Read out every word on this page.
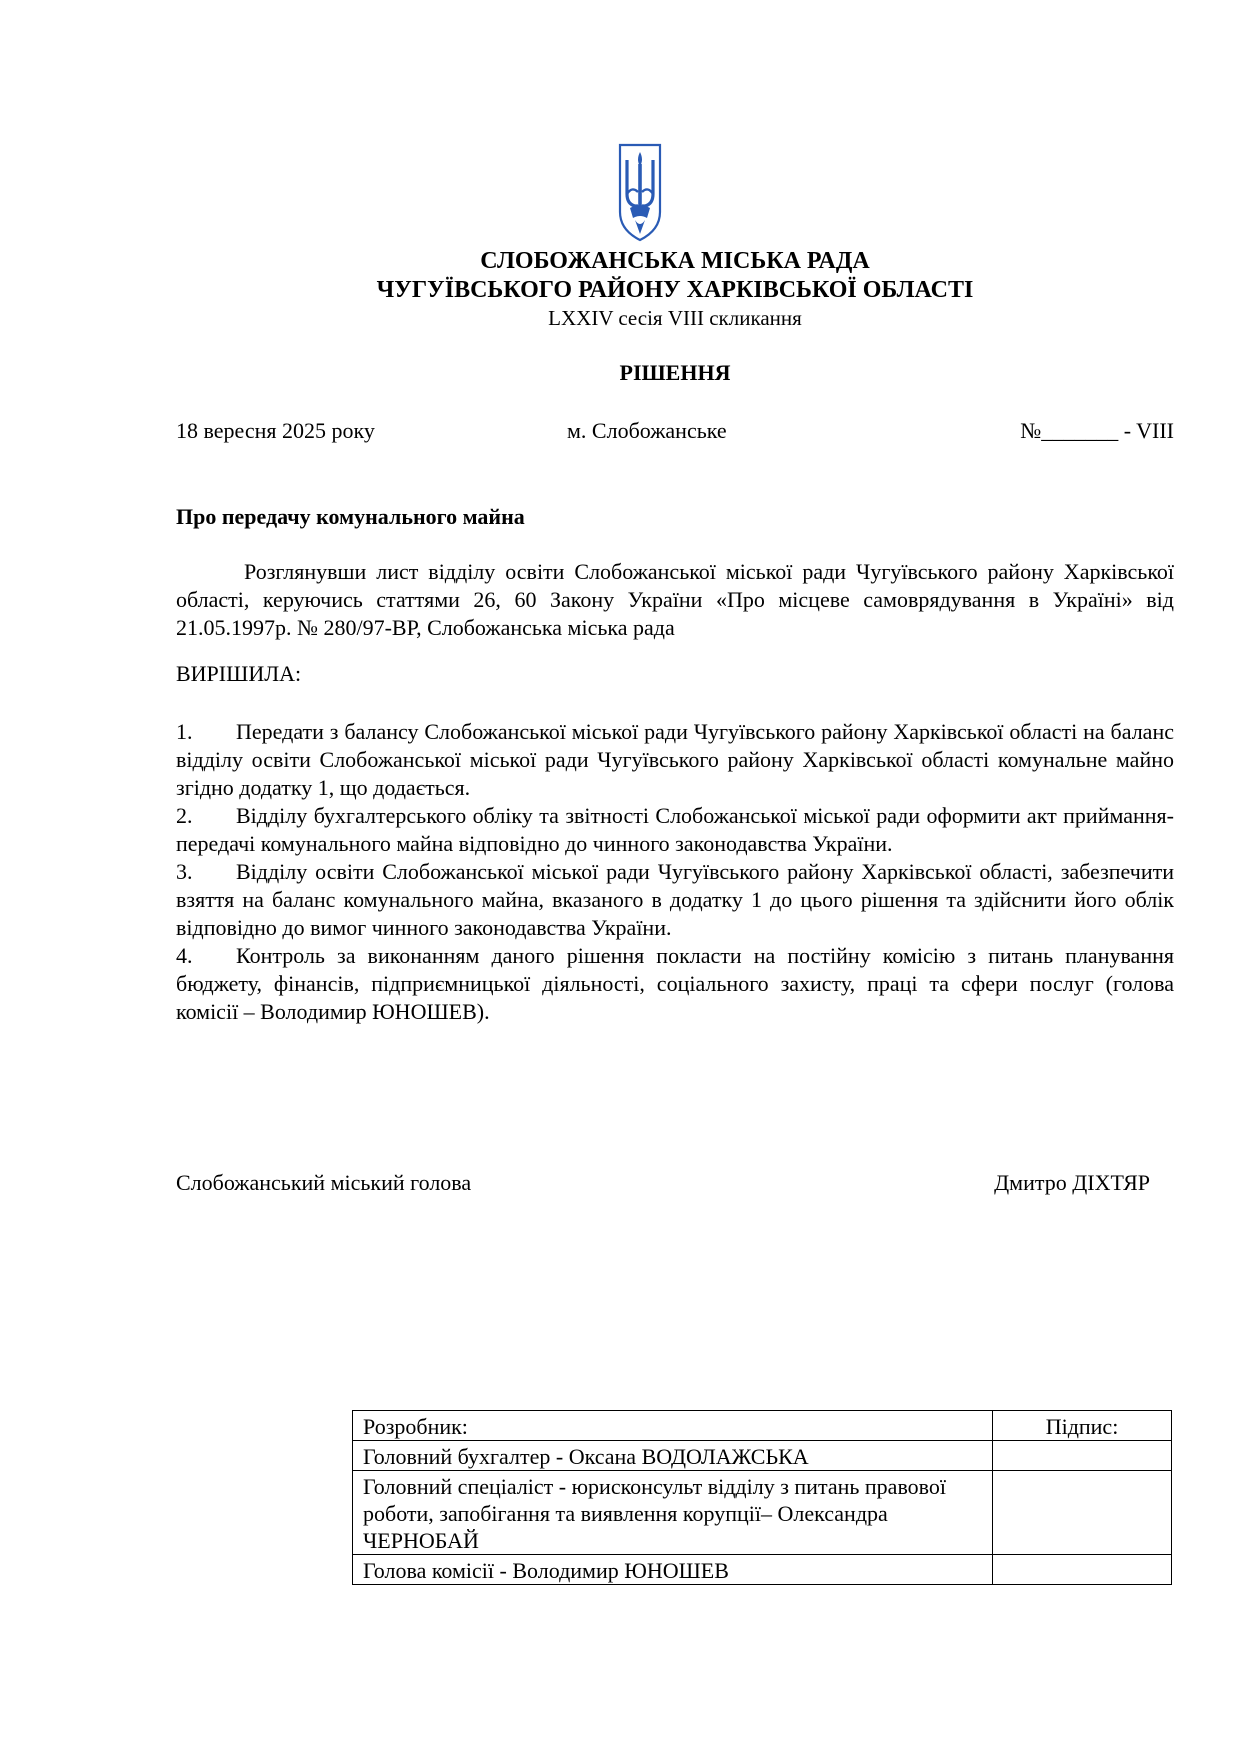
СЛОБОЖАНСЬКА МІСЬКА РАДА
ЧУГУЇВСЬКОГО РАЙОНУ ХАРКІВСЬКОЇ ОБЛАСТІ
LXXIV сесія VIII скликання
РІШЕННЯ
18 вересня 2025 року	м. Слобожанське	№_______ - VIII
Про передачу комунального майна
Розглянувши лист відділу освіти Слобожанської міської ради Чугуївського району Харківської області, керуючись статтями 26, 60 Закону України «Про місцеве самоврядування в Україні» від 21.05.1997р. № 280/97-ВР, Слобожанська міська рада
ВИРІШИЛА:
1. Передати з балансу Слобожанської міської ради Чугуївського району Харківської області на баланс відділу освіти Слобожанської міської ради Чугуївського району Харківської області комунальне майно згідно додатку 1, що додається.
2. Відділу бухгалтерського обліку та звітності Слобожанської міської ради оформити акт приймання-передачі комунального майна відповідно до чинного законодавства України.
3. Відділу освіти Слобожанської міської ради Чугуївського району Харківської області, забезпечити взяття на баланс комунального майна, вказаного в додатку 1 до цього рішення та здійснити його облік відповідно до вимог чинного законодавства України.
4. Контроль за виконанням даного рішення покласти на постійну комісію з питань планування бюджету, фінансів, підприємницької діяльності, соціального захисту, праці та сфери послуг (голова комісії – Володимир ЮНОШЕВ).
Слобожанський міський голова	Дмитро ДІХТЯР
Розробник:	Підпис:
Головний бухгалтер - Оксана ВОДОЛАЖСЬКА	
Головний спеціаліст - юрисконсульт відділу з питань правової роботи, запобігання та виявлення корупції– Олександра ЧЕРНОБАЙ	
Голова комісії - Володимир ЮНОШЕВ	
